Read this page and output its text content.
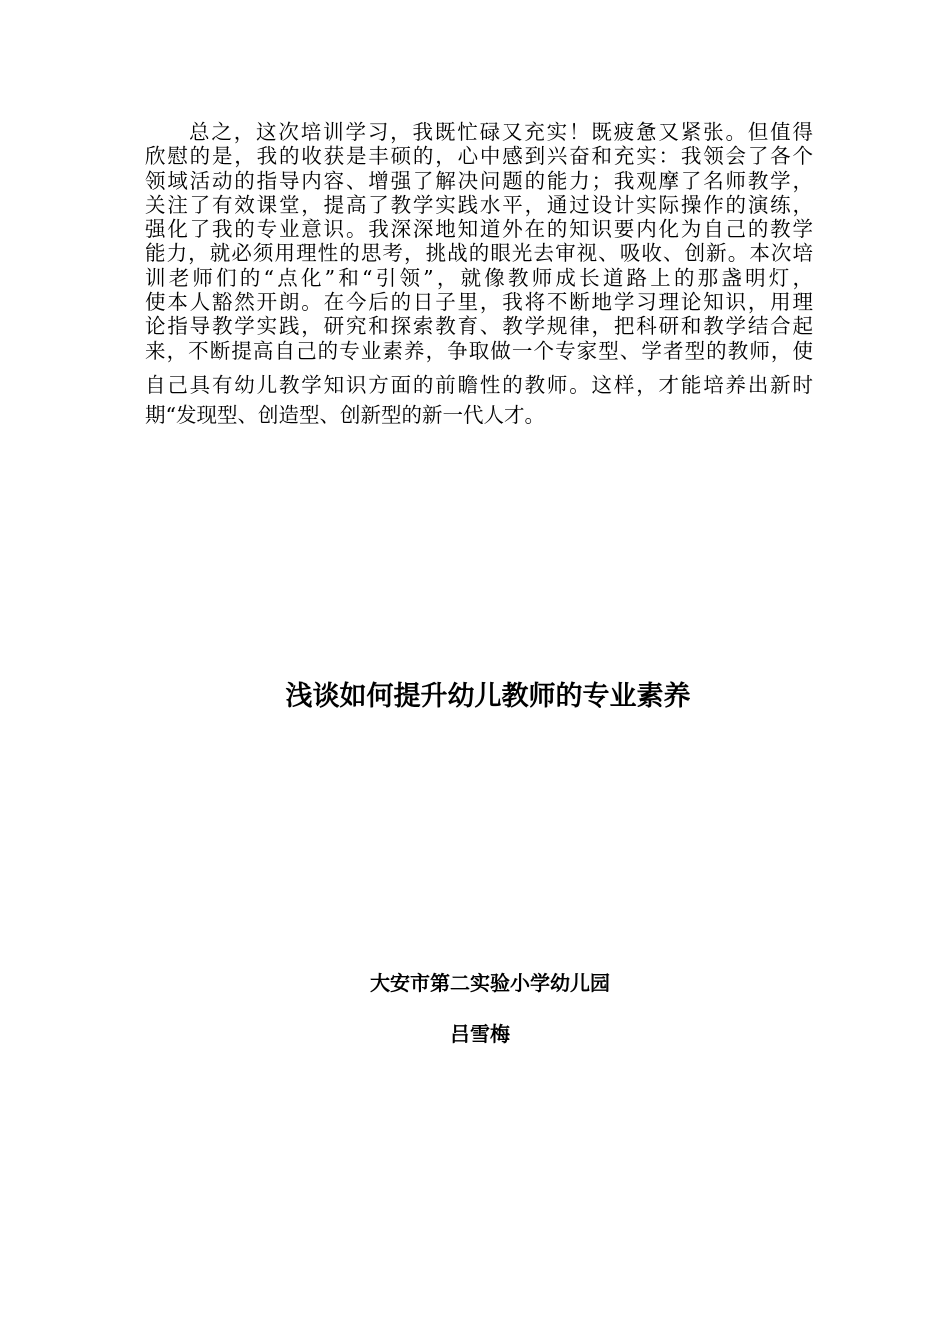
总之，这次培训学习，我既忙碌又充实！既疲惫又紧张。但值得
欣慰的是，我的收获是丰硕的，心中感到兴奋和充实：我领会了各个
领域活动的指导内容、增强了解决问题的能力；我观摩了名师教学，
关注了有效课堂，提高了教学实践水平，通过设计实际操作的演练，
强化了我的专业意识。我深深地知道外在的知识要内化为自己的教学
能力，就必须用理性的思考，挑战的眼光去审视、吸收、创新。本次培
训老师们的“点化”和“引领”，就像教师成长道路上的那盏明灯，
使本人豁然开朗。在今后的日子里，我将不断地学习理论知识，用理
论指导教学实践，研究和探索教育、教学规律，把科研和教学结合起
来，不断提高自己的专业素养，争取做一个专家型、学者型的教师，使
自己具有幼儿教学知识方面的前瞻性的教师。这样，才能培养出新时
期“发现型、创造型、创新型的新一代人才。
浅谈如何提升幼儿教师的专业素养
大安市第二实验小学幼儿园
吕雪梅
